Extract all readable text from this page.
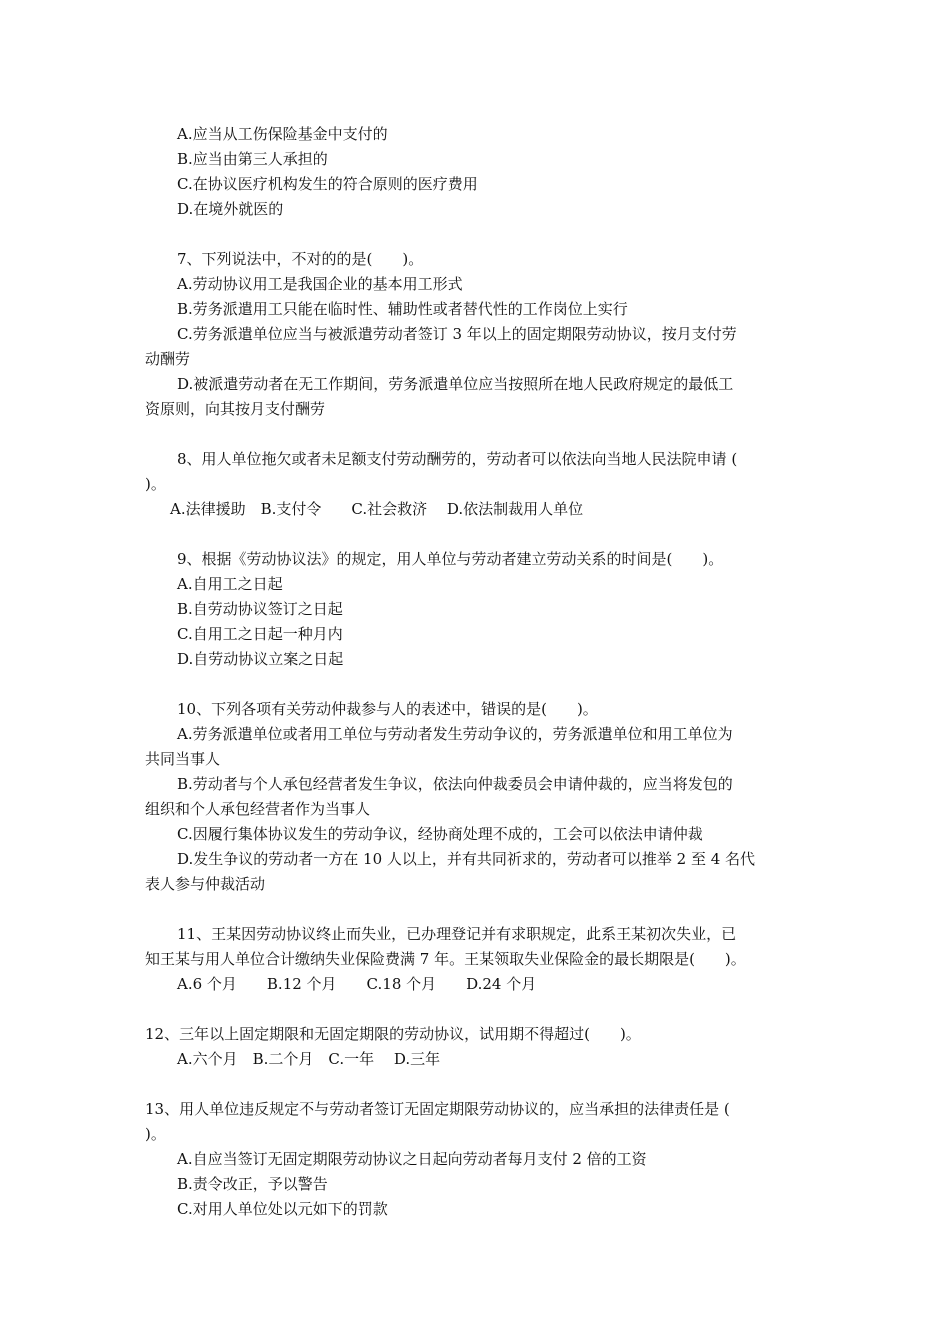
A.应当从工伤保险基金中支付的
B.应当由第三人承担的
C.在协议医疗机构发生的符合原则的医疗费用
D.在境外就医的
7、下列说法中，不对的的是(　　)。
A.劳动协议用工是我国企业的基本用工形式
B.劳务派遣用工只能在临时性、辅助性或者替代性的工作岗位上实行
C.劳务派遣单位应当与被派遣劳动者签订 3 年以上的固定期限劳动协议，按月支付劳
动酬劳
D.被派遣劳动者在无工作期间，劳务派遣单位应当按照所在地人民政府规定的最低工
资原则，向其按月支付酬劳
8、用人单位拖欠或者未足额支付劳动酬劳的，劳动者可以依法向当地人民法院申请 (
)。
A.法律援助　B.支付令　　C.社会救济　 D.依法制裁用人单位
9、根据《劳动协议法》的规定，用人单位与劳动者建立劳动关系的时间是(　　)。
A.自用工之日起
B.自劳动协议签订之日起
C.自用工之日起一种月内
D.自劳动协议立案之日起
10、下列各项有关劳动仲裁参与人的表述中，错误的是(　　)。
A.劳务派遣单位或者用工单位与劳动者发生劳动争议的，劳务派遣单位和用工单位为
共同当事人
B.劳动者与个人承包经营者发生争议，依法向仲裁委员会申请仲裁的，应当将发包的
组织和个人承包经营者作为当事人
C.因履行集体协议发生的劳动争议，经协商处理不成的，工会可以依法申请仲裁
D.发生争议的劳动者一方在 10 人以上，并有共同祈求的，劳动者可以推举 2 至 4 名代
表人参与仲裁活动
11、王某因劳动协议终止而失业，已办理登记并有求职规定，此系王某初次失业，已
知王某与用人单位合计缴纳失业保险费满 7 年。王某领取失业保险金的最长期限是(　　)。
A.6 个月　　B.12 个月　　C.18 个月　　D.24 个月
12、三年以上固定期限和无固定期限的劳动协议，试用期不得超过(　　)。
A.六个月　B.二个月　C.一年　 D.三年
13、用人单位违反规定不与劳动者签订无固定期限劳动协议的，应当承担的法律责任是 (
)。
A.自应当签订无固定期限劳动协议之日起向劳动者每月支付 2 倍的工资
B.责令改正，予以警告
C.对用人单位处以元如下的罚款
